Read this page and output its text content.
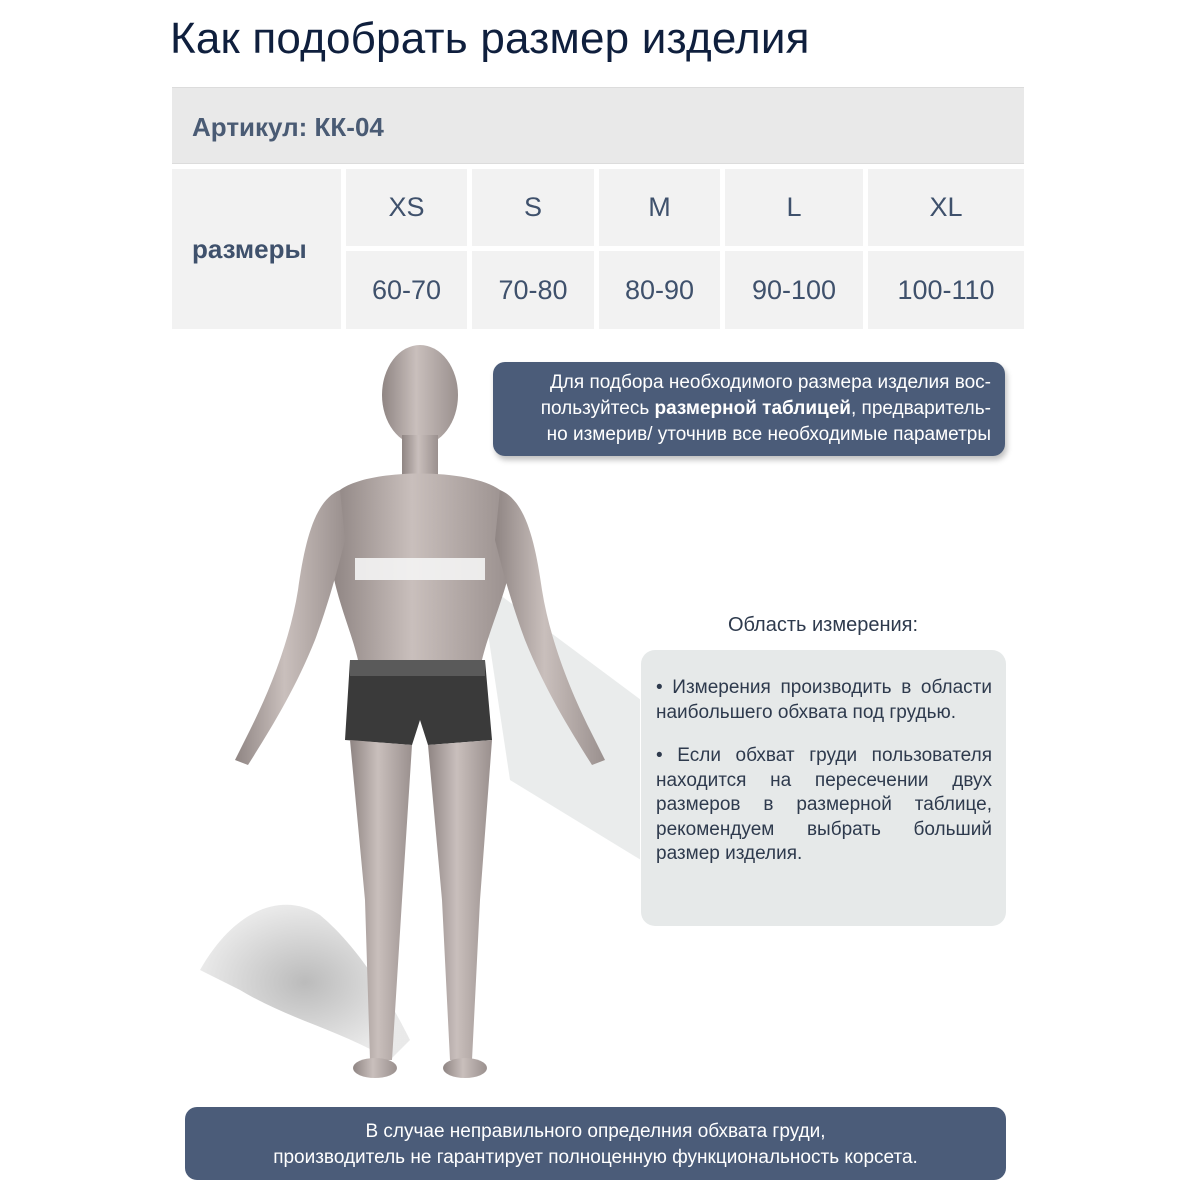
Как подобрать размер изделия
Артикул: КК-04
размеры
XS	S	M	L	XL
60-70	70-80	80-90	90-100	100-110
Для подбора необходимого размера изделия вос-
пользуйтесь размерной таблицей, предваритель-
но измерив/ уточнив все необходимые параметры
Область измерения:

• Измерения производить в области наибольшего обхвата под грудью.

• Если обхват груди пользователя находится на пересечении двух размеров в размерной таблице, рекомендуем выбрать больший размер изделия.

В случае неправильного определния обхвата груди,
производитель не гарантирует полноценную функциональность корсета.
